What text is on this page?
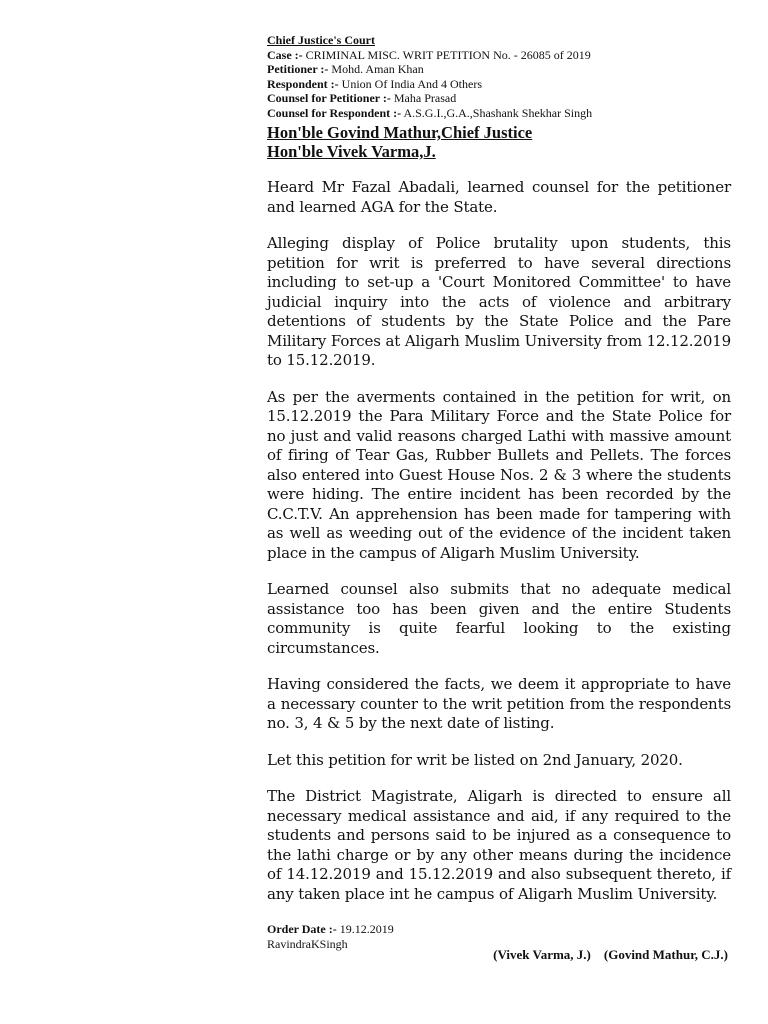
Chief Justice's Court
Case :- CRIMINAL MISC. WRIT PETITION No. - 26085 of 2019
Petitioner :- Mohd. Aman Khan
Respondent :- Union Of India And 4 Others
Counsel for Petitioner :- Maha Prasad
Counsel for Respondent :- A.S.G.I.,G.A.,Shashank Shekhar Singh
Hon'ble Govind Mathur,Chief Justice
Hon'ble Vivek Varma,J.

Heard Mr Fazal Abadali, learned counsel for the petitioner and learned AGA for the State.

Alleging display of Police brutality upon students, this petition for writ is preferred to have several directions including to set-up a 'Court Monitored Committee' to have judicial inquiry into the acts of violence and arbitrary detentions of students by the State Police and the Pare Military Forces at Aligarh Muslim University from 12.12.2019 to 15.12.2019.

As per the averments contained in the petition for writ, on 15.12.2019 the Para Military Force and the State Police for no just and valid reasons charged Lathi with massive amount of firing of Tear Gas, Rubber Bullets and Pellets. The forces also entered into Guest House Nos. 2 & 3 where the students were hiding. The entire incident has been recorded by the C.C.T.V. An apprehension has been made for tampering with as well as weeding out of the evidence of the incident taken place in the campus of Aligarh Muslim University.

Learned counsel also submits that no adequate medical assistance too has been given and the entire Students community is quite fearful looking to the existing circumstances.

Having considered the facts, we deem it appropriate to have a necessary counter to the writ petition from the respondents no. 3, 4 & 5 by the next date of listing.

Let this petition for writ be listed on 2nd January, 2020.

The District Magistrate, Aligarh is directed to ensure all necessary medical assistance and aid, if any required to the students and persons said to be injured as a consequence to the lathi charge or by any other means during the incidence of 14.12.2019 and 15.12.2019 and also subsequent thereto, if any taken place int he campus of Aligarh Muslim University.

Order Date :- 19.12.2019
RavindraKSingh
(Vivek Varma, J.)    (Govind Mathur, C.J.)
